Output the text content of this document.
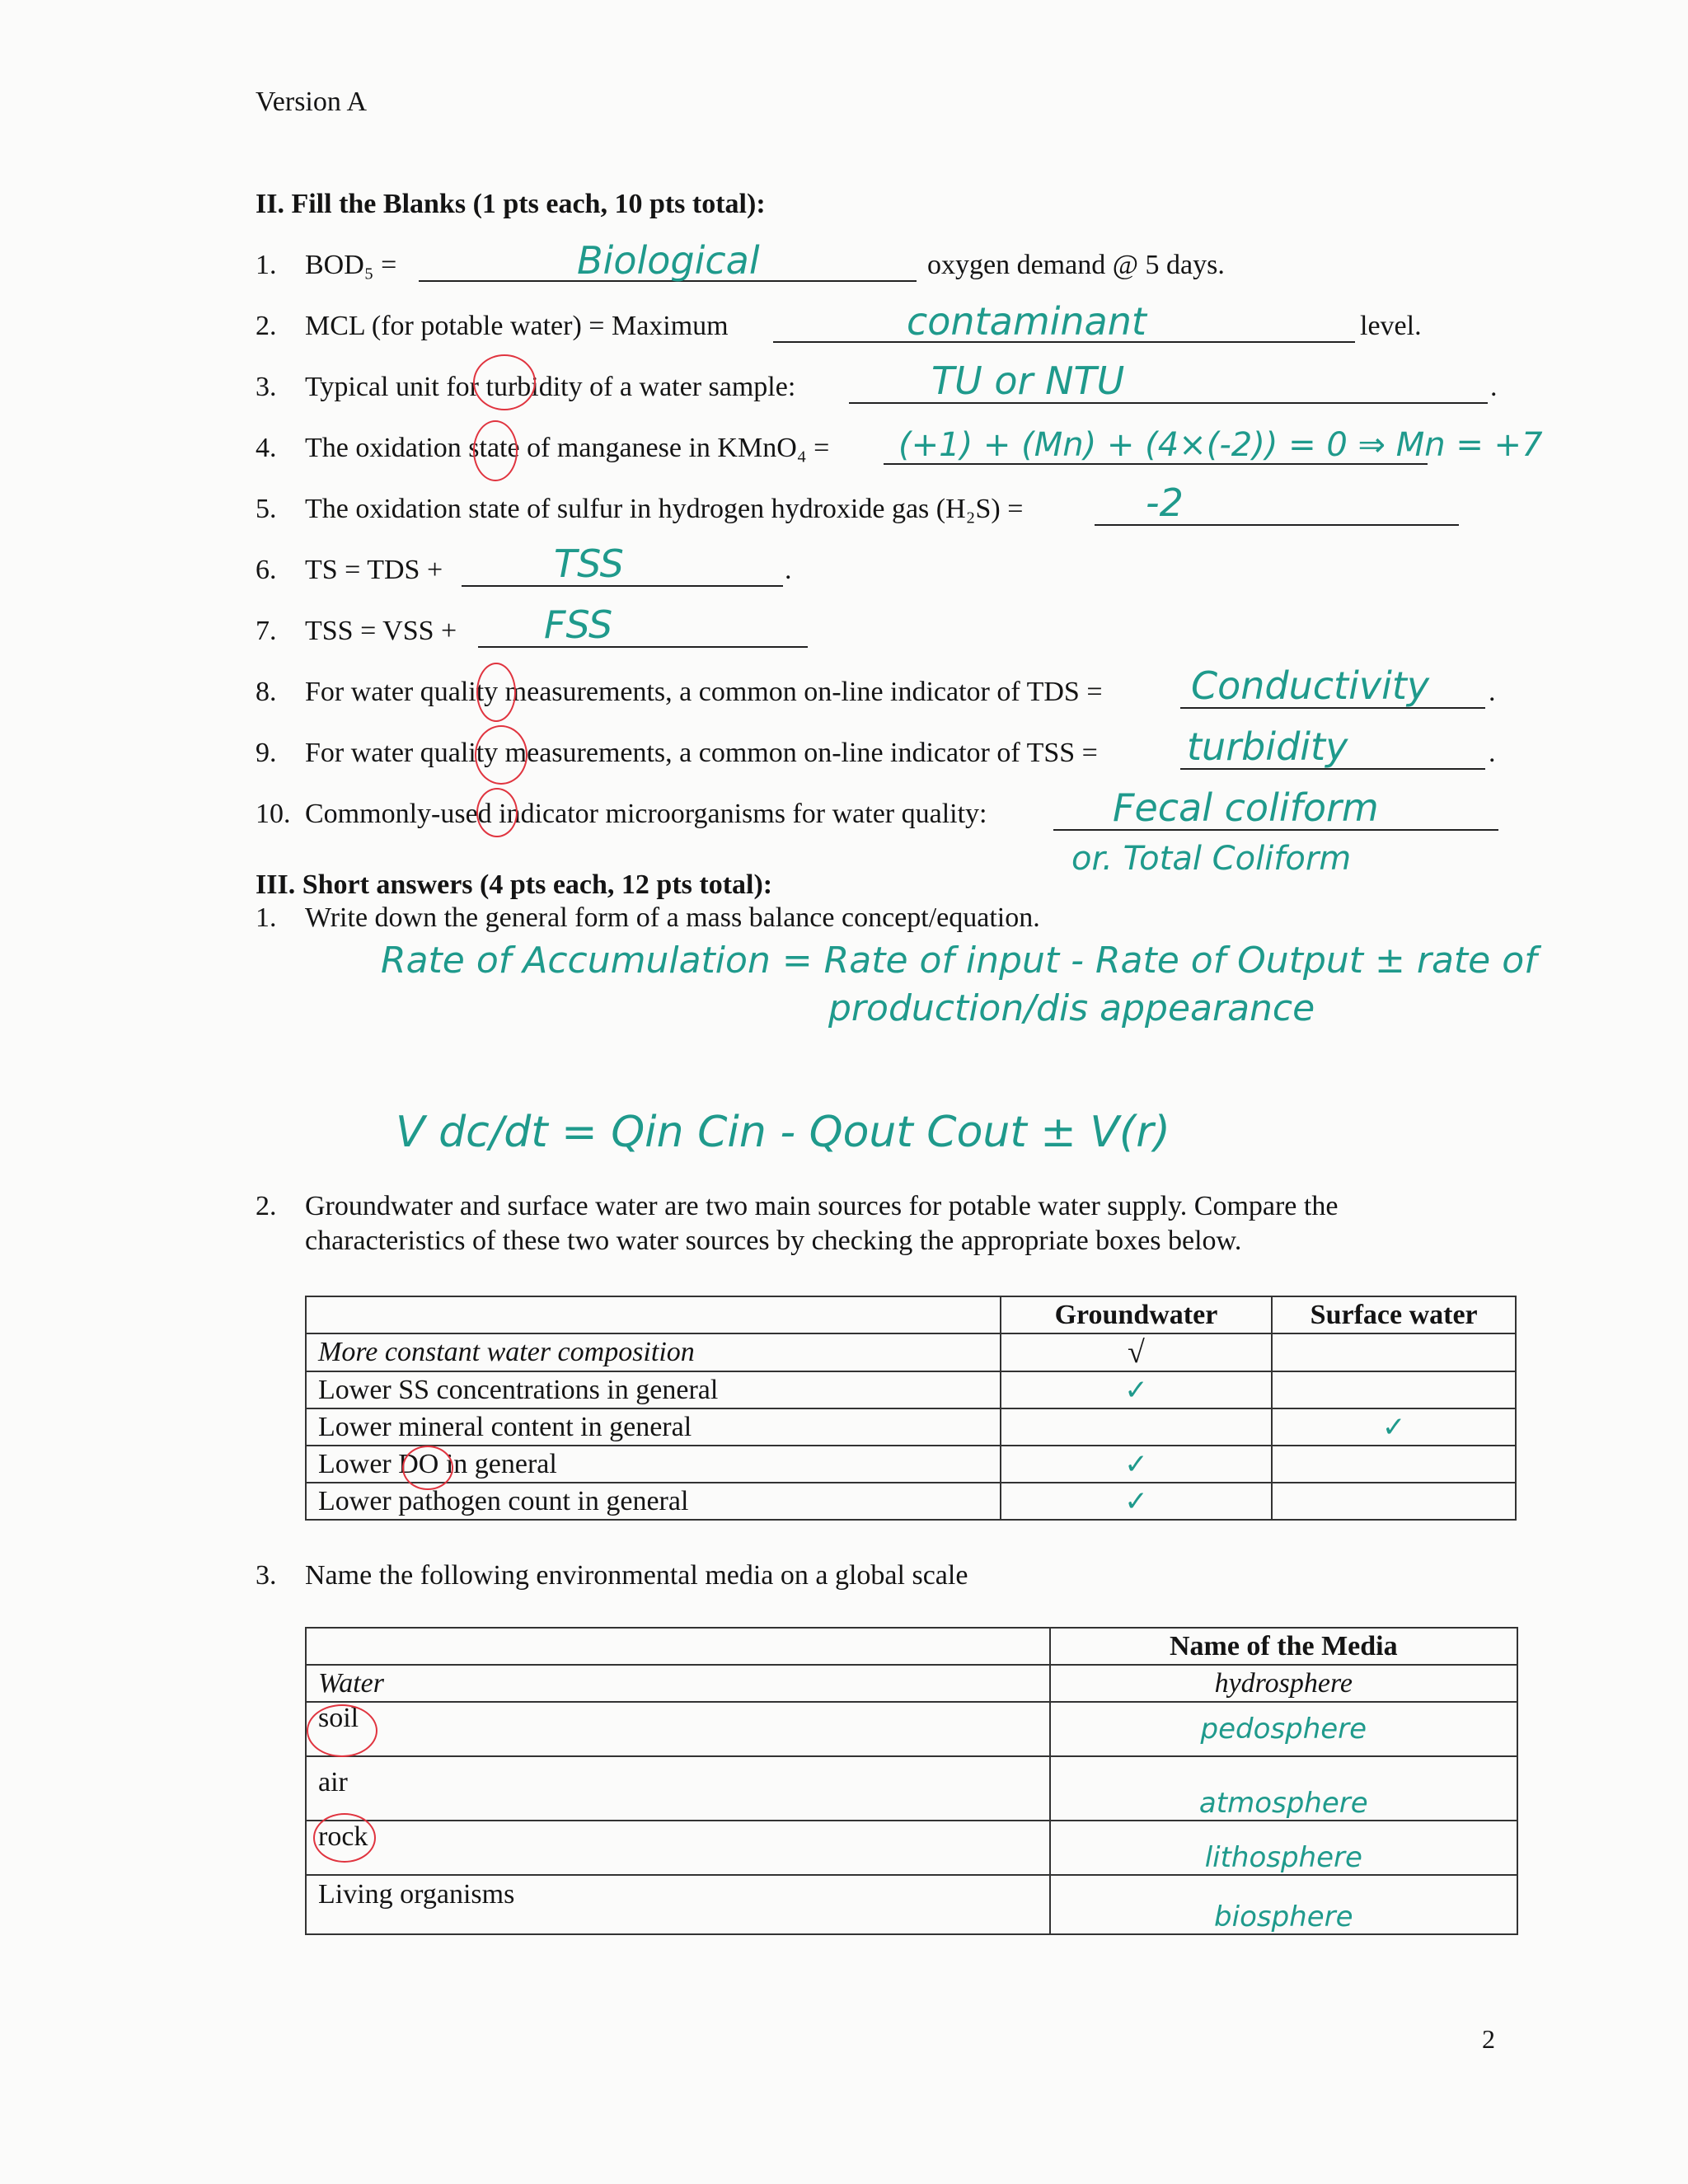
Version A
II. Fill the Blanks (1 pts each, 10 pts total):
1. BOD₅ =	Biological	oxygen demand @ 5 days.
2. MCL (for potable water) = Maximum	contaminant	level.
3. Typical unit for turbidity of a water sample:	TU or NTU	.
4. The oxidation state of manganese in KMnO₄ = (+1) + (Mn) + (4×(-2)) = 0 ⇒ Mn = +7
5. The oxidation state of sulfur in hydrogen hydroxide gas (H₂S) =	-2
6. TS = TDS +	TSS	.
7. TSS = VSS + FSS
8. For water quality measurements, a common on-line indicator of TDS = Conductivity .
9. For water quality measurements, a common on-line indicator of TSS = turbidity	.
10. Commonly-used indicator microorganisms for water quality:	Fecal coliform
or. Total Coliform
III. Short answers (4 pts each, 12 pts total):
1. Write down the general form of a mass balance concept/equation.
Rate of Accumulation = Rate of input - Rate of Output ± rate of
production/dis appearance
V dc/dt = Qin Cin - Qout Cout ± V(r)
2. Groundwater and surface water are two main sources for potable water supply. Compare the
characteristics of these two water sources by checking the appropriate boxes below.
	Groundwater	Surface water
More constant water composition	√	
Lower SS concentrations in general	✓	
Lower mineral content in general		✓
Lower DO in general	✓	
Lower pathogen count in general	✓	
3. Name the following environmental media on a global scale
	Name of the Media
Water	hydrosphere
soil	pedosphere
air	atmosphere
rock	lithosphere
Living organisms	biosphere
2
